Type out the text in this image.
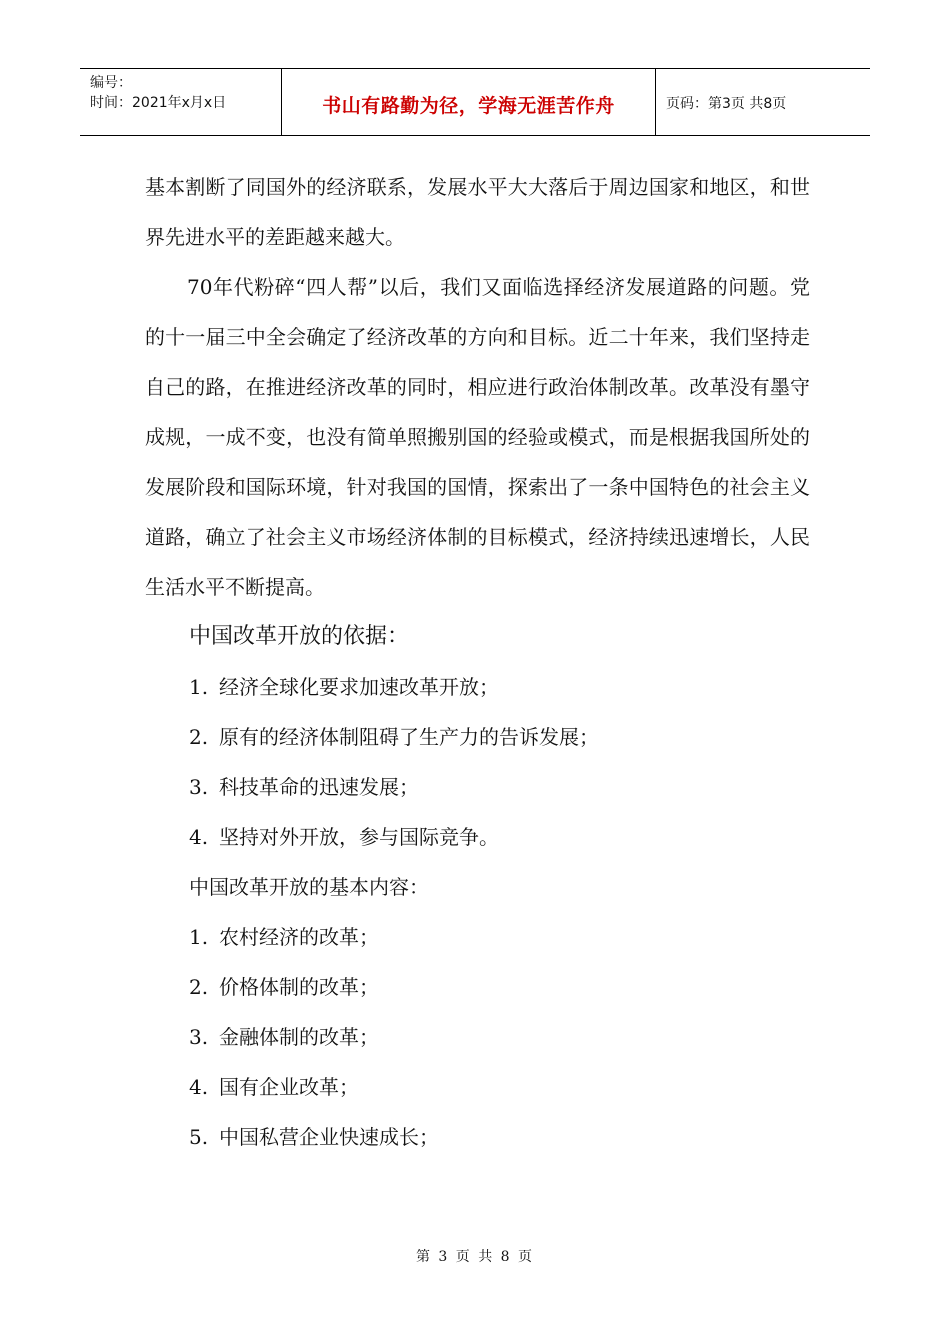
编号：
时间：2021年x月x日	书山有路勤为径，学海无涯苦作舟	页码：第3页 共8页

基本割断了同国外的经济联系，发展水平大大落后于周边国家和地区，和世界先进水平的差距越来越大。

70年代粉碎“四人帮”以后，我们又面临选择经济发展道路的问题。党的十一届三中全会确定了经济改革的方向和目标。近二十年来，我们坚持走自己的路，在推进经济改革的同时，相应进行政治体制改革。改革没有墨守成规，一成不变，也没有简单照搬别国的经验或模式，而是根据我国所处的发展阶段和国际环境，针对我国的国情，探索出了一条中国特色的社会主义道路，确立了社会主义市场经济体制的目标模式，经济持续迅速增长，人民生活水平不断提高。

中国改革开放的依据：

1. 经济全球化要求加速改革开放；

2. 原有的经济体制阻碍了生产力的告诉发展；

3. 科技革命的迅速发展；

4. 坚持对外开放，参与国际竞争。

中国改革开放的基本内容：

1. 农村经济的改革；

2. 价格体制的改革；

3. 金融体制的改革；

4. 国有企业改革；

5. 中国私营企业快速成长；

第 3 页 共 8 页
